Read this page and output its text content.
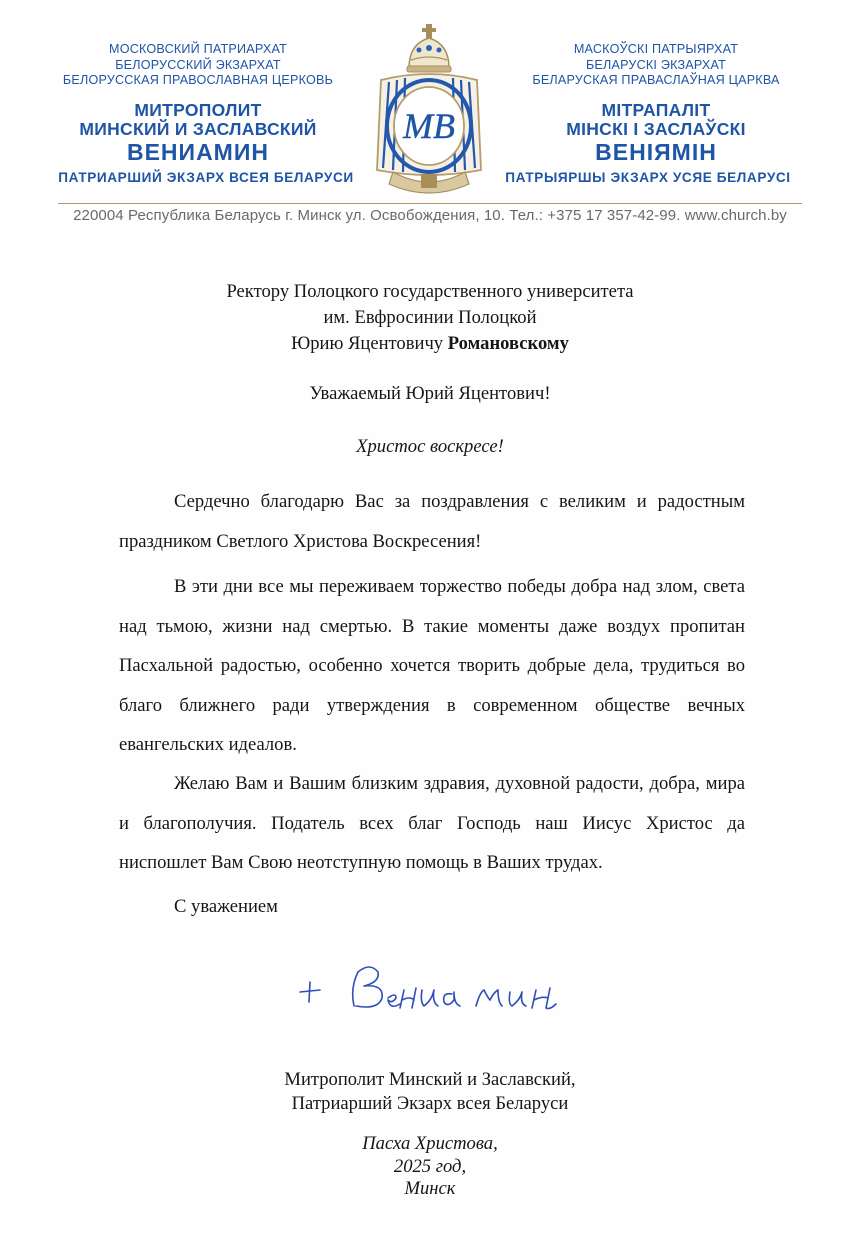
МОСКОВСКИЙ ПАТРИАРХАТ
БЕЛОРУССКИЙ ЭКЗАРХАТ
БЕЛОРУССКАЯ ПРАВОСЛАВНАЯ ЦЕРКОВЬ
МИТРОПОЛИТ
МИНСКИЙ И ЗАСЛАВСКИЙ
ВЕНИАМИН
ПАТРИАРШИЙ ЭКЗАРХ ВСЕЯ БЕЛАРУСИ
МВ
МАСКОЎСКІ ПАТРЫЯРХАТ
БЕЛАРУСКІ ЭКЗАРХАТ
БЕЛАРУСКАЯ ПРАВАСЛАЎНАЯ ЦАРКВА
МІТРАПАЛІТ
МІНСКІ І ЗАСЛАЎСКІ
ВЕНІЯМІН
ПАТРЫЯРШЫ ЭКЗАРХ УСЯЕ БЕЛАРУСІ
220004 Республика Беларусь г. Минск ул. Освобождения, 10. Тел.: +375 17 357-42-99. www.church.by
Ректору Полоцкого государственного университета
им. Евфросинии Полоцкой
Юрию Яцентовичу Романовскому
Уважаемый Юрий Яцентович!
Христос воскресе!

Сердечно благодарю Вас за поздравления с великим и радостным праздником Светлого Христова Воскресения!

В эти дни все мы переживаем торжество победы добра над злом, света над тьмою, жизни над смертью. В такие моменты даже воздух пропитан Пасхальной радостью, особенно хочется творить добрые дела, трудиться во благо ближнего ради утверждения в современном обществе вечных евангельских идеалов.

Желаю Вам и Вашим близким здравия, духовной радости, добра, мира и благополучия. Податель всех благ Господь наш Иисус Христос да ниспошлет Вам Свою неотступную помощь в Ваших трудах.

С уважением
Митрополит Минский и Заславский,
Патриарший Экзарх всея Беларуси
Пасха Христова,
2025 год,
Минск
